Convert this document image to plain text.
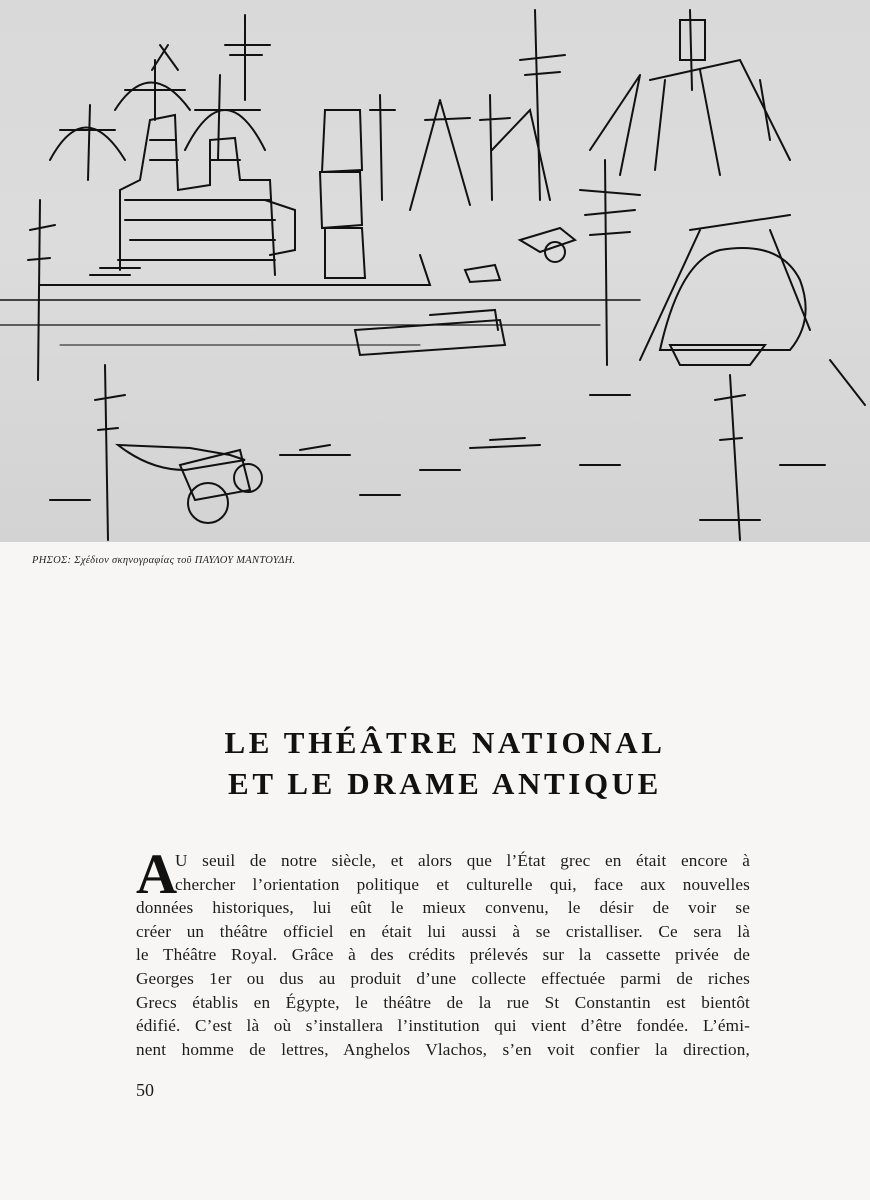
ΡΗΣΟΣ: Σχέδιον σκηνογραφίας τοῦ ΠΑΥΛΟΥ ΜΑΝΤΟΥΔΗ.
LE THÉÂTRE NATIONAL
ET LE DRAME ANTIQUE
A
U seuil de notre siècle, et alors que l’État grec en était encore à
chercher l’orientation politique et culturelle qui, face aux nouvelles
données historiques, lui eût le mieux convenu, le désir de voir se
créer un théâtre officiel en était lui aussi à se cristalliser. Ce sera là
le Théâtre Royal. Grâce à des crédits prélevés sur la cassette privée de
Georges 1er ou dus au produit d’une collecte effectuée parmi de riches
Grecs établis en Égypte, le théâtre de la rue St Constantin est bientôt
édifié. C’est là où s’installera l’institution qui vient d’être fondée. L’émi-
nent homme de lettres, Anghelos Vlachos, s’en voit confier la direction,
50
